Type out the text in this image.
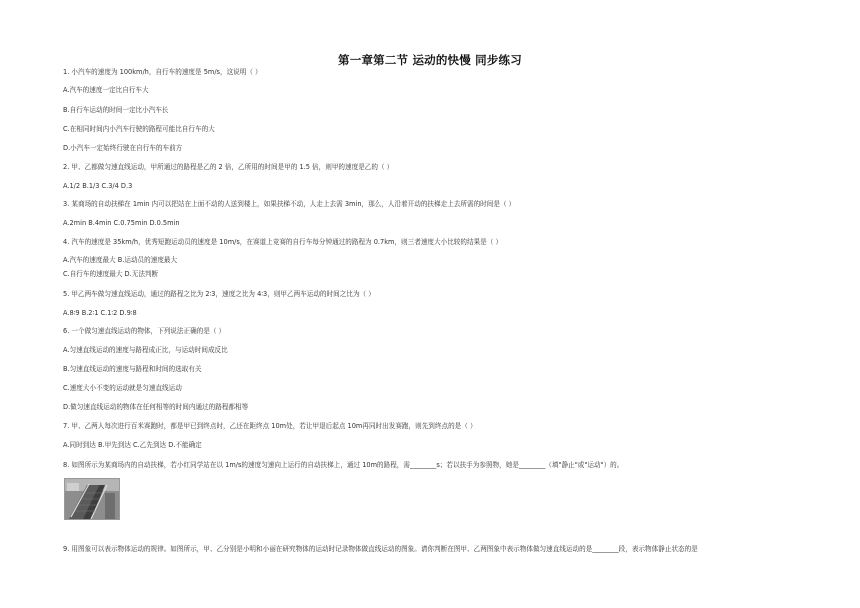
第一章第二节 运动的快慢 同步练习
1. 小汽车的速度为 100km/h，自行车的速度是 5m/s，这说明（ ）
A.汽车的速度一定比自行车大
B.自行车运动的时间一定比小汽车长
C.在相同时间内小汽车行驶的路程可能比自行车的大
D.小汽车一定始终行驶在自行车的车前方
2. 甲、乙都做匀速直线运动，甲所通过的路程是乙的 2 倍，乙所用的时间是甲的 1.5 倍，则甲的速度是乙的（ ）
A.1/2 B.1/3 C.3/4 D.3
3. 某商场的自动扶梯在 1min 内可以把站在上面不动的人送到楼上，如果扶梯不动，人走上去需 3min，那么，人沿着开动的扶梯走上去所需的时间是（ ）
A.2min B.4min C.0.75min D.0.5min
4. 汽车的速度是 35km/h，优秀短跑运动员的速度是 10m/s，在赛道上竞赛的自行车每分钟通过的路程为 0.7km，则三者速度大小比较的结果是（ ）
A.汽车的速度最大 B.运动员的速度最大
C.自行车的速度最大 D.无法判断
5. 甲乙两车做匀速直线运动，通过的路程之比为 2∶3，速度之比为 4∶3，则甲乙两车运动的时间之比为（ ）
A.8∶9 B.2∶1 C.1∶2 D.9∶8
6. 一个做匀速直线运动的物体，下列说法正确的是（ ）
A.匀速直线运动的速度与路程成正比，与运动时间成反比
B.匀速直线运动的速度与路程和时间的选取有关
C.速度大小不变的运动就是匀速直线运动
D.做匀速直线运动的物体在任何相等的时间内通过的路程都相等
7. 甲、乙两人每次进行百米赛跑时，都是甲已到终点时，乙还在距终点 10m处，若让甲退后起点 10m再同时出发赛跑，则先到终点的是（ ）
A.同时到达 B.甲先到达 C.乙先到达 D.不能确定
8. 如图所示为某商场内的自动扶梯，若小红同学站在以 1m/s的速度匀速向上运行的自动扶梯上，通过 10m的路程，需________s；若以扶手为参照物，她是________（填"静止"或"运动"）的。
9. 用图象可以表示物体运动的规律。如图所示，甲、乙分别是小明和小丽在研究物体的运动时记录物体做直线运动的图象。请你判断在图甲、乙两图象中表示物体做匀速直线运动的是________段，表示物体静止状态的是
